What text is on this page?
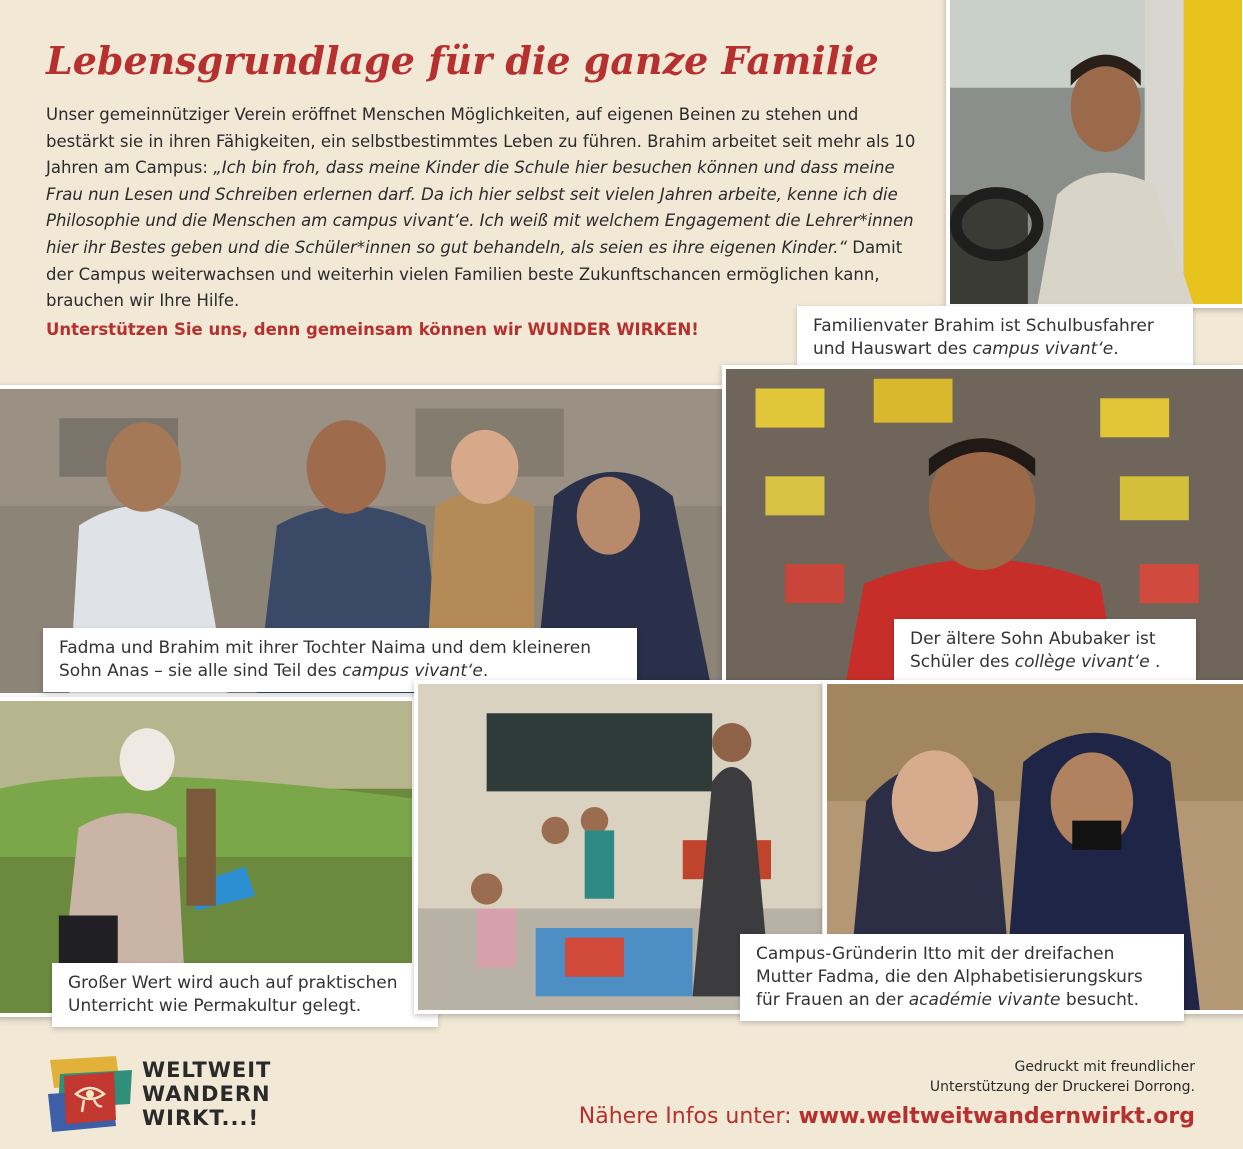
Lebensgrundlage für die ganze Familie
Unser gemeinnütziger Verein eröffnet Menschen Möglichkeiten, auf eigenen Beinen zu stehen und bestärkt sie in ihren Fähigkeiten, ein selbstbestimmtes Leben zu führen. Brahim arbeitet seit mehr als 10 Jahren am Campus: „Ich bin froh, dass meine Kinder die Schule hier besuchen können und dass meine Frau nun Lesen und Schreiben erlernen darf. Da ich hier selbst seit vielen Jahren arbeite, kenne ich die Philosophie und die Menschen am campus vivant‘e. Ich weiß mit welchem Engagement die Lehrer*innen hier ihr Bestes geben und die Schüler*innen so gut behandeln, als seien es ihre eigenen Kinder.“ Damit der Campus weiterwachsen und weiterhin vielen Familien beste Zukunftschancen ermöglichen kann, brauchen wir Ihre Hilfe.
Unterstützen Sie uns, denn gemeinsam können wir WUNDER WIRKEN!	Familienvater Brahim ist Schulbusfahrer und Hauswart des campus vivant‘e.
Fadma und Brahim mit ihrer Tochter Naima und dem kleineren Sohn Anas – sie alle sind Teil des campus vivant‘e.
Der ältere Sohn Abubaker ist Schüler des collège vivant‘e .
Großer Wert wird auch auf praktischen Unterricht wie Permakultur gelegt.
Campus-Gründerin Itto mit der dreifachen Mutter Fadma, die den Alphabetisierungskurs für Frauen an der académie vivante besucht.
WELTWEIT
WANDERN
WIRKT...!
Gedruckt mit freundlicher
Unterstützung der Druckerei Dorrong.
Nähere Infos unter: www.weltweitwandernwirkt.org
